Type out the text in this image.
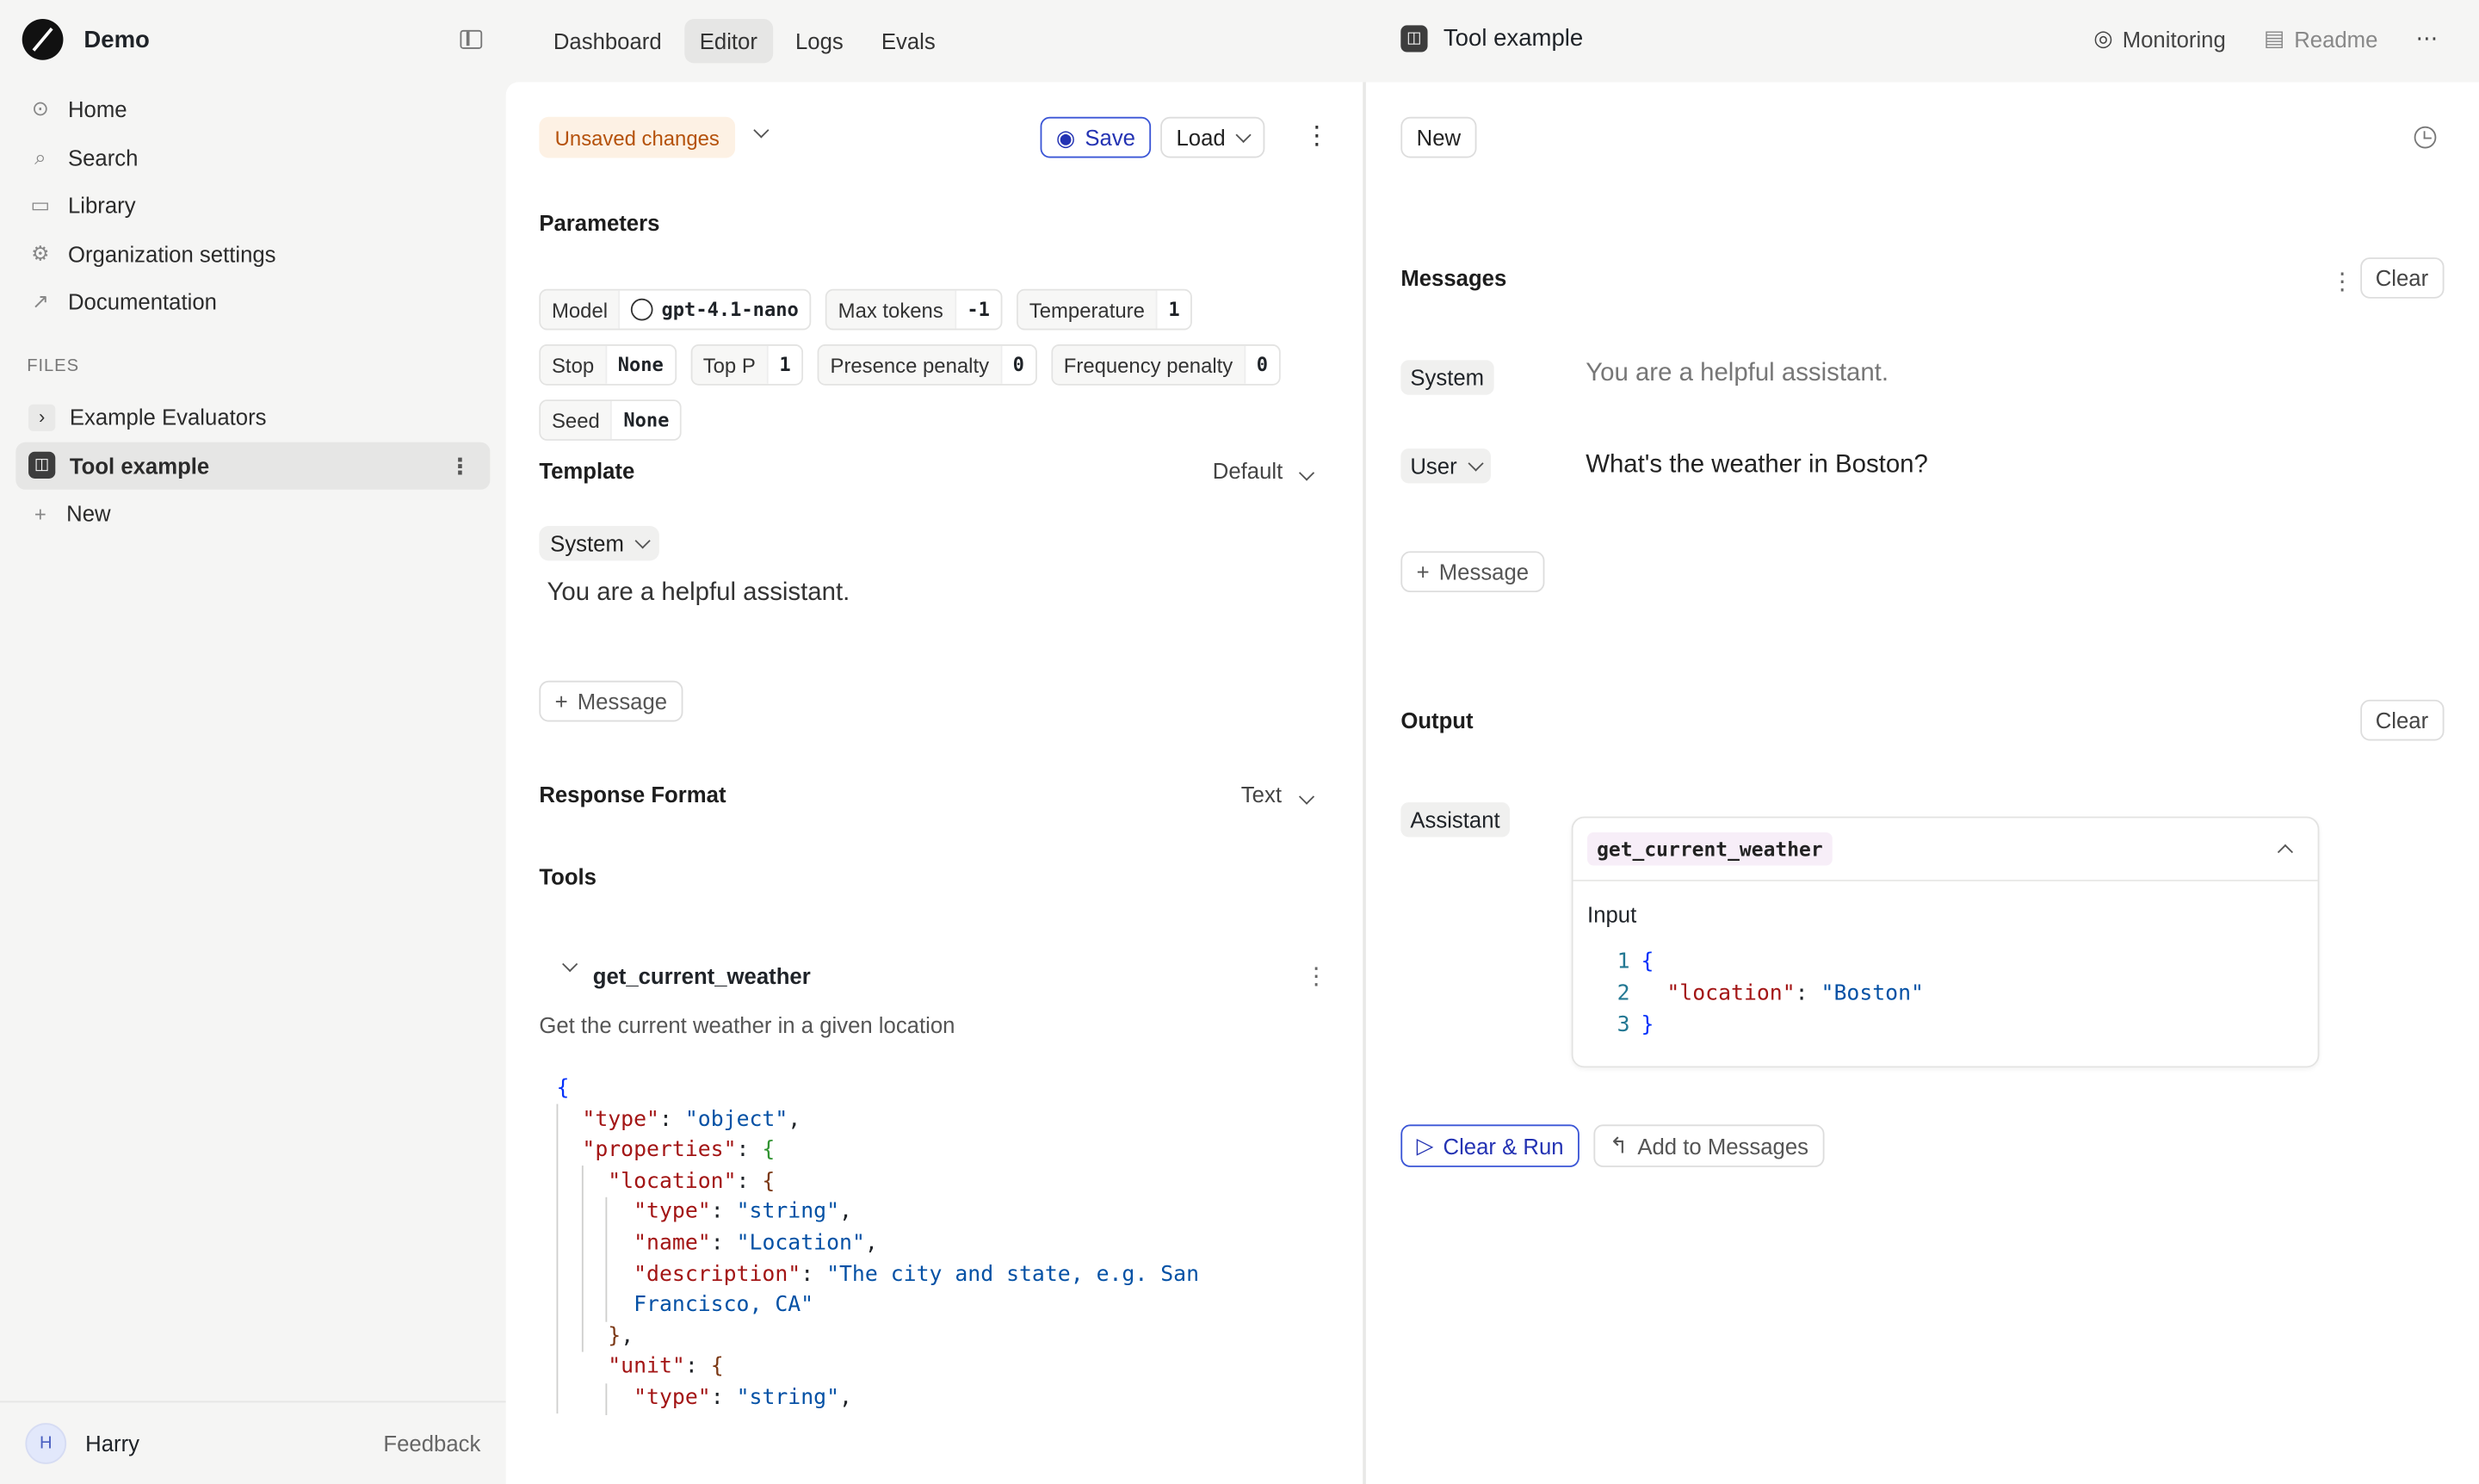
Demo
⊙ Home
⌕	Search
▭ Library
⚙ Organization settings
↗ Documentation
FILES
›	Example Evaluators
◫	Tool example	⋮
+	New
H	Harry	Feedback
Dashboard	Editor	Logs	Evals	◫	Tool example	◎ Monitoring	▤ Readme	⋯
Unsaved changes	◉ Save	Load	⋮
Parameters
Model	gpt-4.1-nano	Max tokens	-1	Temperature	1
Stop	None	Top P	1	Presence penalty	0	Frequency penalty	0
Seed	None
Template	Default
System
You are a helpful assistant.
+ Message
Response Format	Text
Tools
get_current_weather	⋮
Get the current weather in a given location
{
"type": "object",
"properties": {
"location": {
"type": "string",
"name": "Location",
"description": "The city and state, e.g. San
Francisco, CA"
},
"unit": {
"type": "string",
New
Messages	⋮	Clear
System	You are a helpful assistant.
User	What's the weather in Boston?
+ Message
Output	Clear
Assistant
get_current_weather
Input
1 {
2	"location": "Boston"
3 }
▷ Clear & Run	↰ Add to Messages
